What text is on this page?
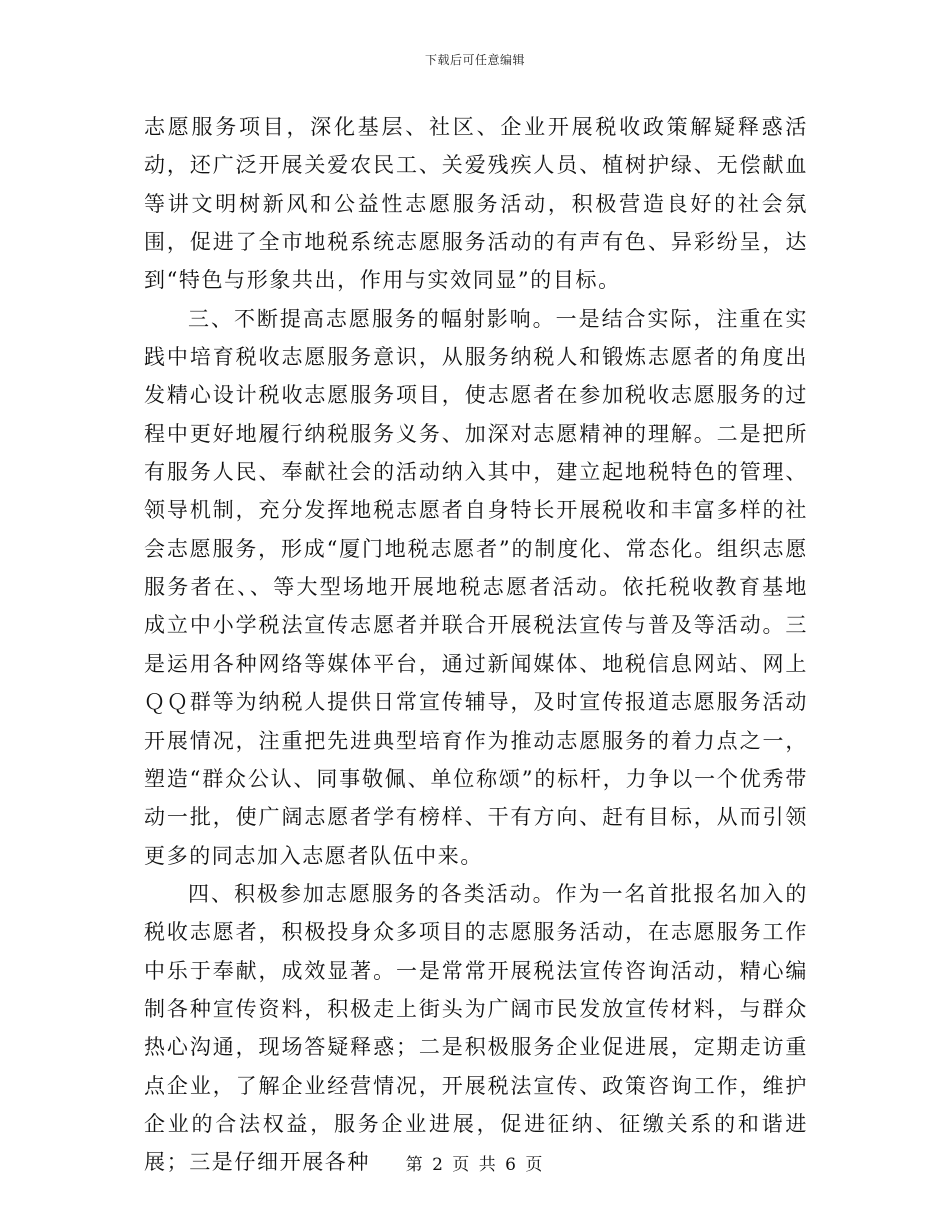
下载后可任意编辑

志愿服务项目，深化基层、社区、企业开展税收政策解疑释惑活动，还广泛开展关爱农民工、关爱残疾人员、植树护绿、无偿献血等讲文明树新风和公益性志愿服务活动，积极营造良好的社会氛围，促进了全市地税系统志愿服务活动的有声有色、异彩纷呈，达到“特色与形象共出，作用与实效同显”的目标。

三、不断提高志愿服务的幅射影响。一是结合实际，注重在实践中培育税收志愿服务意识，从服务纳税人和锻炼志愿者的角度出发精心设计税收志愿服务项目，使志愿者在参加税收志愿服务的过程中更好地履行纳税服务义务、加深对志愿精神的理解。二是把所有服务人民、奉献社会的活动纳入其中，建立起地税特色的管理、领导机制，充分发挥地税志愿者自身特长开展税收和丰富多样的社会志愿服务，形成“厦门地税志愿者”的制度化、常态化。组织志愿服务者在、、等大型场地开展地税志愿者活动。依托税收教育基地成立中小学税法宣传志愿者并联合开展税法宣传与普及等活动。三是运用各种网络等媒体平台，通过新闻媒体、地税信息网站、网上ＱＱ群等为纳税人提供日常宣传辅导，及时宣传报道志愿服务活动开展情况，注重把先进典型培育作为推动志愿服务的着力点之一，塑造“群众公认、同事敬佩、单位称颂”的标杆，力争以一个优秀带动一批，使广阔志愿者学有榜样、干有方向、赶有目标，从而引领更多的同志加入志愿者队伍中来。

四、积极参加志愿服务的各类活动。作为一名首批报名加入的税收志愿者，积极投身众多项目的志愿服务活动，在志愿服务工作中乐于奉献，成效显著。一是常常开展税法宣传咨询活动，精心编制各种宣传资料，积极走上街头为广阔市民发放宣传材料，与群众热心沟通，现场答疑释惑；二是积极服务企业促进展，定期走访重点企业，了解企业经营情况，开展税法宣传、政策咨询工作，维护企业的合法权益，服务企业进展，促进征纳、征缴关系的和谐进展；三是仔细开展各种	第 2 页 共 6 页
